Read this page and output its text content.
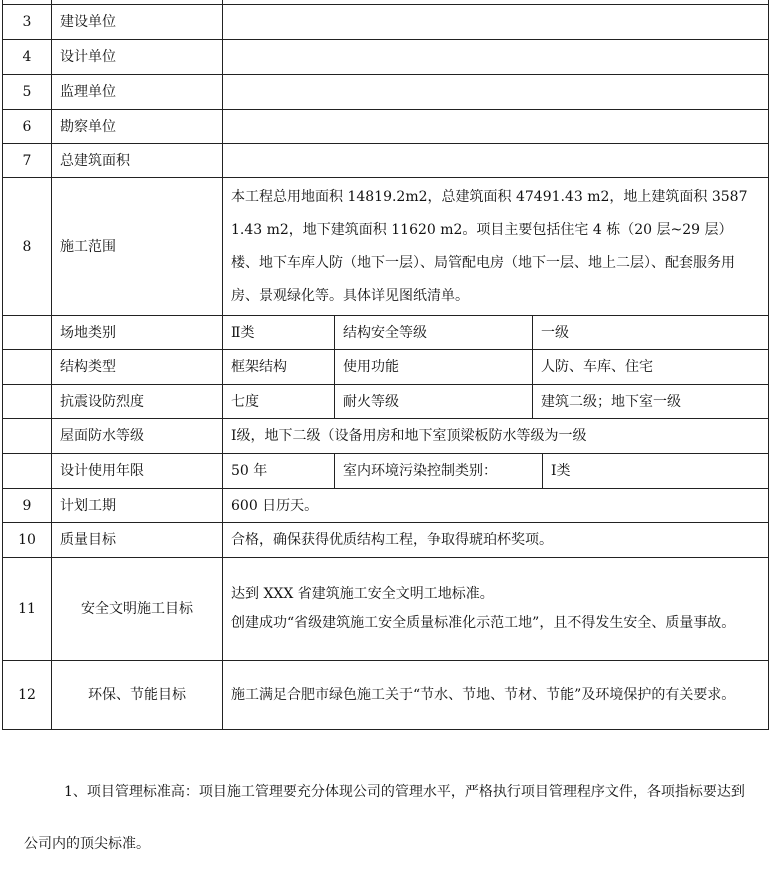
3	建设单位				
4	设计单位				
5	监理单位				
6	勘察单位				
7	总建筑面积				
8	施工范围	本工程总用地面积 14819.2m2，总建筑面积 47491.43 m2，地上建筑面积 35871.43 m2，地下建筑面积 11620 m2。项目主要包括住宅 4 栋（20 层~29 层）楼、地下车库人防（地下一层）、局管配电房（地下一层、地上二层）、配套服务用房、景观绿化等。具体详见图纸清单。			
	场地类别	Ⅱ类	结构安全等级	一级	
	结构类型	框架结构	使用功能	人防、车库、住宅	
	抗震设防烈度	七度	耐火等级	建筑二级；地下室一级	
	屋面防水等级	Ⅰ级，地下二级（设备用房和地下室顶梁板防水等级为一级			
	设计使用年限	50 年	室内环境污染控制类别：		Ⅰ类
9	计划工期	600 日历天。			
10	质量目标	合格，确保获得优质结构工程，争取得琥珀杯奖项。			
11	安全文明施工目标	达到 XXX 省建筑施工安全文明工地标准。
创建成功“省级建筑施工安全质量标准化示范工地”，且不得发生安全、质量事故。			

12	环保、节能目标	施工满足合肥市绿色施工关于“节水、节地、节材、节能”及环境保护的有关要求。			

1、项目管理标准高：项目施工管理要充分体现公司的管理水平，严格执行项目管理程序文件，各项指标要达到公司内的顶尖标准。
